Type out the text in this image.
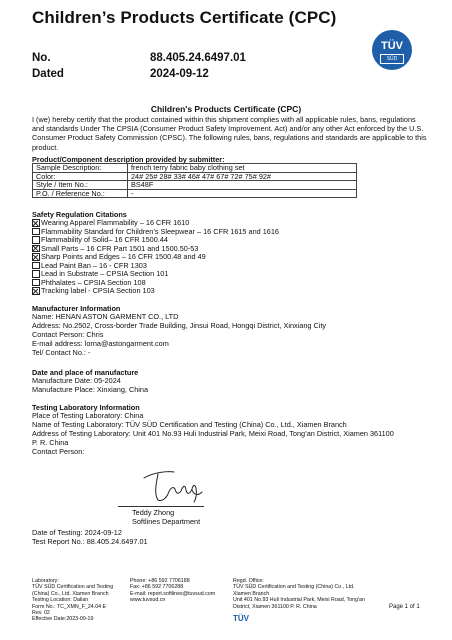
Children’s Products Certificate (CPC)
No.	88.405.24.6497.01
Dated	2024-09-12
TÜV
SÜD
Children's Products Certificate (CPC)
I (we) hereby certify that the product contained within this shipment complies with all applicable rules, bans, regulations and standards Under The CPSIA (Consumer Product Safety Improvement. Act) and/or any other Act enforced by the U.S. Consumer Product Safety Commission (CPSC). The following rules, bans, regulations and standards are applicable to this product.
Product/Component description provided by submitter:
Sample Description:	french terry fabric baby clothing set
Color:	24# 25# 28# 33# 46# 47# 67# 72# 75# 92#
Style / Item No.:	BS48F
P.O. / Reference No.:	-
Safety Regulation Citations
Wearing Apparel Flammability – 16 CFR 1610
Flammability Standard for Children’s Sleepwear – 16 CFR 1615 and 1616
Flammability of Solid– 16 CFR 1500.44
Small Parts – 16 CFR Part 1501 and 1500.50-53
Sharp Points and Edges – 16 CFR 1500.48 and 49
Lead Paint Ban – 16 - CFR 1303
Lead in Substrate – CPSIA Section 101
Phthalates – CPSIA Section 108
Tracking label - CPSIA Section 103
Manufacturer Information
Name: HENAN ASTON GARMENT CO., LTD
Address: No.2502, Cross-border Trade Building, Jinsui Road, Hongqi District, Xinxiang City
Contact Person: Chris
E-mail address: lorna@astongarment.com
Tel/ Contact No.: -
Date and place of manufacture
Manufacture Date: 05-2024
Manufacture Place: Xinxiang, China
Testing Laboratory Information
Place of Testing Laboratory: China
Name of Testing Laboratory: TÜV SÜD Certification and Testing (China) Co., Ltd., Xiamen Branch
Address of Testing Laboratory: Unit 401 No.93 Huli Industrial Park, Meixi Road, Tong’an District, Xiamen 361100
P. R. China
Contact Person:
Teddy Zhong
Softlines Department
Date of Testing: 2024-09-12
Test Report No.: 88.405.24.6497.01
Laboratory:
TÜV SÜD Certification and Testing
(China) Co., Ltd. Xiamen Branch
Testing Location: Dalian
Form No.: TC_XMN_F_24.04 E
Rev. 02
Effective Date:2023-09-19
Phone: +86 592 7706188
Fax: +86 592 7706288
E-mail: report.softlines@tuvsud.com
www.tuvsud.cn
Regd. Office:
TÜV SÜD Certification and Testing (China) Co., Ltd.
Xiamen Branch
Unit 401 No.93 Huli Industrial Park, Meixi Road, Tong'an
District, Xiamen 361100 P. R. China
TÜV
Page 1 of 1
